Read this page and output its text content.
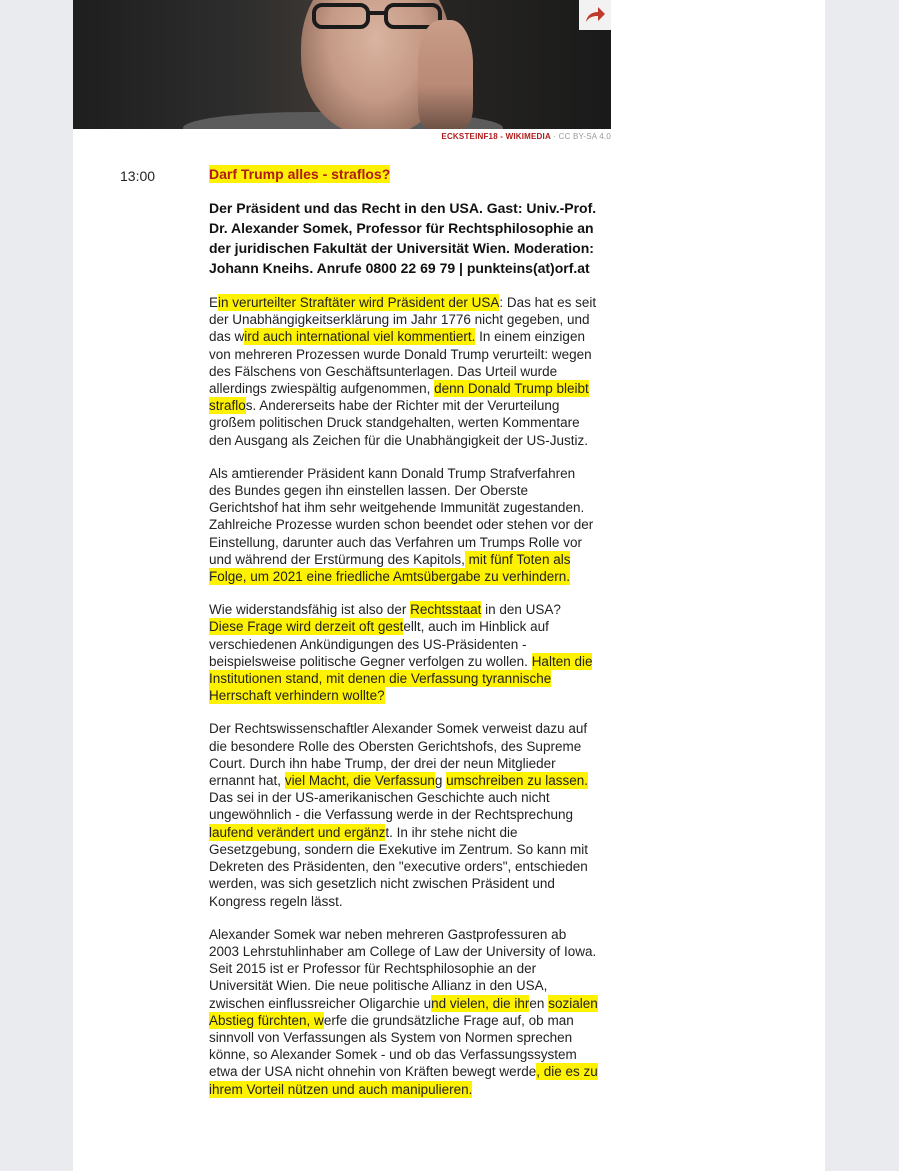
ECKSTEINF18 - WIKIMEDIA · CC BY-SA 4.0
13:00	Darf Trump alles - straflos?
Der Präsident und das Recht in den USA. Gast: Univ.-Prof. Dr. Alexander Somek, Professor für Rechtsphilosophie an der juridischen Fakultät der Universität Wien. Moderation: Johann Kneihs. Anrufe 0800 22 69 79 | punkteins(at)orf.at

Ein verurteilter Straftäter wird Präsident der USA: Das hat es seit der Unabhängigkeitserklärung im Jahr 1776 nicht gegeben, und das wird auch international viel kommentiert. In einem einzigen von mehreren Prozessen wurde Donald Trump verurteilt: wegen des Fälschens von Geschäftsunterlagen. Das Urteil wurde allerdings zwiespältig aufgenommen, denn Donald Trump bleibt straflos. Andererseits habe der Richter mit der Verurteilung großem politischen Druck standgehalten, werten Kommentare den Ausgang als Zeichen für die Unabhängigkeit der US-Justiz.

Als amtierender Präsident kann Donald Trump Strafverfahren des Bundes gegen ihn einstellen lassen. Der Oberste Gerichtshof hat ihm sehr weitgehende Immunität zugestanden. Zahlreiche Prozesse wurden schon beendet oder stehen vor der Einstellung, darunter auch das Verfahren um Trumps Rolle vor und während der Erstürmung des Kapitols, mit fünf Toten als Folge, um 2021 eine friedliche Amtsübergabe zu verhindern.

Wie widerstandsfähig ist also der Rechtsstaat in den USA? Diese Frage wird derzeit oft gestellt, auch im Hinblick auf verschiedenen Ankündigungen des US-Präsidenten - beispielsweise politische Gegner verfolgen zu wollen. Halten die Institutionen stand, mit denen die Verfassung tyrannische Herrschaft verhindern wollte?

Der Rechtswissenschaftler Alexander Somek verweist dazu auf die besondere Rolle des Obersten Gerichtshofs, des Supreme Court. Durch ihn habe Trump, der drei der neun Mitglieder ernannt hat, viel Macht, die Verfassung umschreiben zu lassen. Das sei in der US-amerikanischen Geschichte auch nicht ungewöhnlich - die Verfassung werde in der Rechtsprechung laufend verändert und ergänzt. In ihr stehe nicht die Gesetzgebung, sondern die Exekutive im Zentrum. So kann mit Dekreten des Präsidenten, den "executive orders", entschieden werden, was sich gesetzlich nicht zwischen Präsident und Kongress regeln lässt.

Alexander Somek war neben mehreren Gastprofessuren ab 2003 Lehrstuhlinhaber am College of Law der University of Iowa. Seit 2015 ist er Professor für Rechtsphilosophie an der Universität Wien. Die neue politische Allianz in den USA, zwischen einflussreicher Oligarchie und vielen, die ihren sozialen Abstieg fürchten, werfe die grundsätzliche Frage auf, ob man sinnvoll von Verfassungen als System von Normen sprechen könne, so Alexander Somek - und ob das Verfassungssystem etwa der USA nicht ohnehin von Kräften bewegt werde, die es zu ihrem Vorteil nützen und auch manipulieren.
